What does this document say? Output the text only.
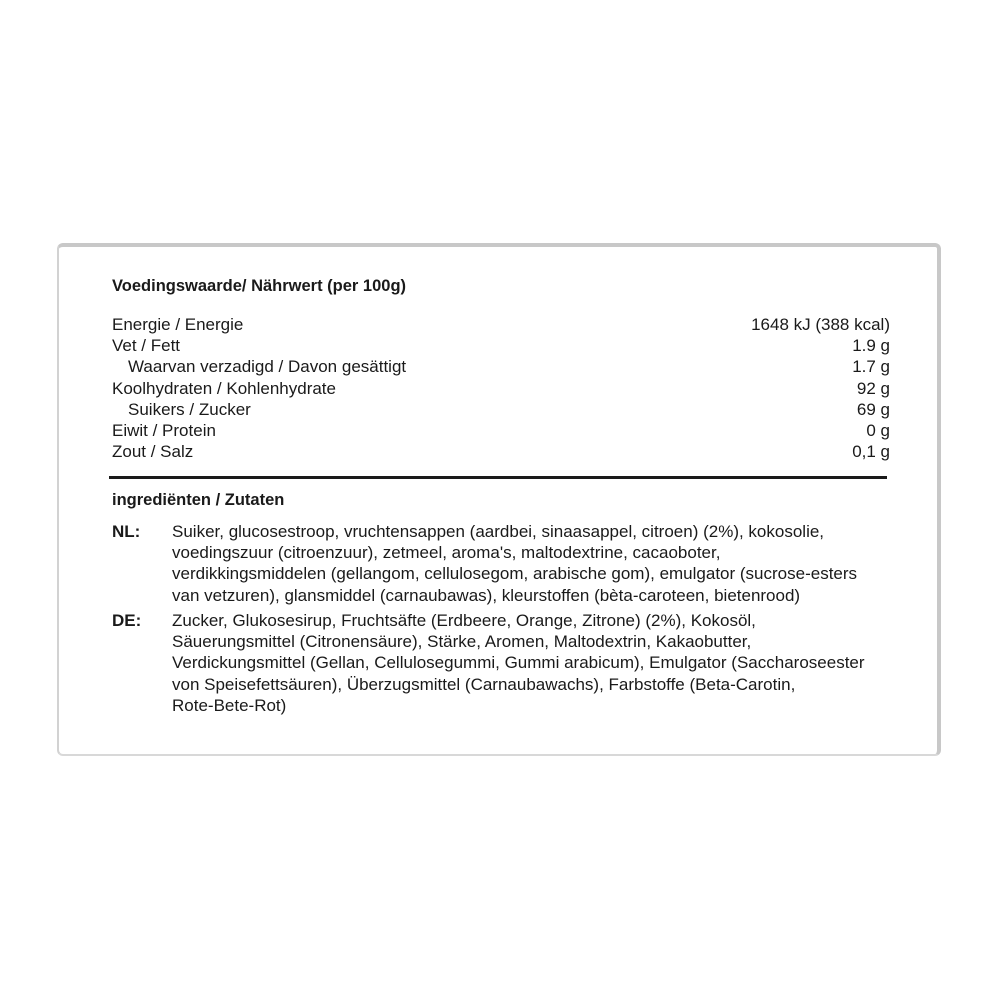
Voedingswaarde/ Nährwert (per 100g)
Energie / Energie	1648 kJ (388 kcal)
Vet / Fett	1.9 g
Waarvan verzadigd / Davon gesättigt	1.7 g
Koolhydraten / Kohlenhydrate	92 g
Suikers / Zucker	69 g
Eiwit / Protein	0 g
Zout / Salz	0,1 g
ingrediënten / Zutaten
NL: Suiker, glucosestroop, vruchtensappen (aardbei, sinaasappel, citroen) (2%), kokosolie,
voedingszuur (citroenzuur), zetmeel, aroma's, maltodextrine, cacaoboter,
verdikkingsmiddelen (gellangom, cellulosegom, arabische gom), emulgator (sucrose-esters
van vetzuren), glansmiddel (carnaubawas), kleurstoffen (bèta-caroteen, bietenrood)
DE: Zucker, Glukosesirup, Fruchtsäfte (Erdbeere, Orange, Zitrone) (2%), Kokosöl,
Säuerungsmittel (Citronensäure), Stärke, Aromen, Maltodextrin, Kakaobutter,
Verdickungsmittel (Gellan, Cellulosegummi, Gummi arabicum), Emulgator (Saccharoseester
von Speisefettsäuren), Überzugsmittel (Carnaubawachs), Farbstoffe (Beta-Carotin,
Rote-Bete-Rot)
